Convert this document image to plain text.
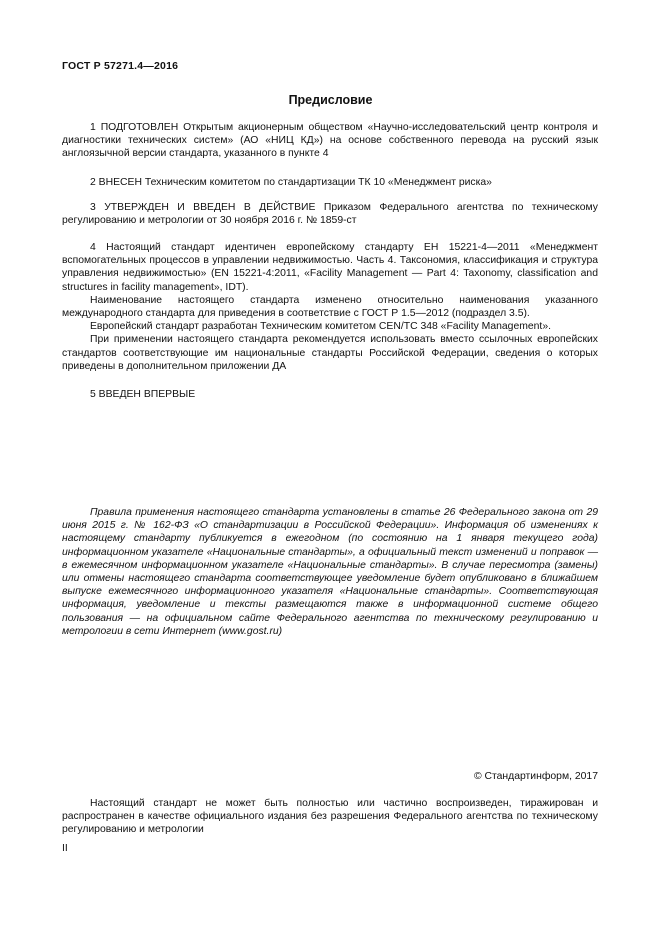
ГОСТ Р 57271.4—2016
Предисловие

1 ПОДГОТОВЛЕН Открытым акционерным обществом «Научно-исследовательский центр контроля и диагностики технических систем» (АО «НИЦ КД») на основе собственного перевода на русский язык англоязычной версии стандарта, указанного в пункте 4

2 ВНЕСЕН Техническим комитетом по стандартизации ТК 10 «Менеджмент риска»

3 УТВЕРЖДЕН И ВВЕДЕН В ДЕЙСТВИЕ Приказом Федерального агентства по техническому регулированию и метрологии от 30 ноября 2016 г. № 1859-ст

4 Настоящий стандарт идентичен европейскому стандарту ЕН 15221-4—2011 «Менеджмент вспомогательных процессов в управлении недвижимостью. Часть 4. Таксономия, классификация и структура управления недвижимостью» (EN 15221-4:2011, «Facility Management — Part 4: Taxonomy, classification and structures in facility management», IDT).

Наименование настоящего стандарта изменено относительно наименования указанного международного стандарта для приведения в соответствие с ГОСТ Р 1.5—2012 (подраздел 3.5).

Европейский стандарт разработан Техническим комитетом CEN/TC 348 «Facility Management».

При применении настоящего стандарта рекомендуется использовать вместо ссылочных европейских стандартов соответствующие им национальные стандарты Российской Федерации, сведения о которых приведены в дополнительном приложении ДА

5 ВВЕДЕН ВПЕРВЫЕ

Правила применения настоящего стандарта установлены в статье 26 Федерального закона от 29 июня 2015 г. № 162-ФЗ «О стандартизации в Российской Федерации». Информация об изменениях к настоящему стандарту публикуется в ежегодном (по состоянию на 1 января текущего года) информационном указателе «Национальные стандарты», а официальный текст изменений и поправок — в ежемесячном информационном указателе «Национальные стандарты». В случае пересмотра (замены) или отмены настоящего стандарта соответствующее уведомление будет опубликовано в ближайшем выпуске ежемесячного информационного указателя «Национальные стандарты». Соответствующая информация, уведомление и тексты размещаются также в информационной системе общего пользования — на официальном сайте Федерального агентства по техническому регулированию и метрологии в сети Интернет (www.gost.ru)

© Стандартинформ, 2017

Настоящий стандарт не может быть полностью или частично воспроизведен, тиражирован и распространен в качестве официального издания без разрешения Федерального агентства по техническому регулированию и метрологии

II
